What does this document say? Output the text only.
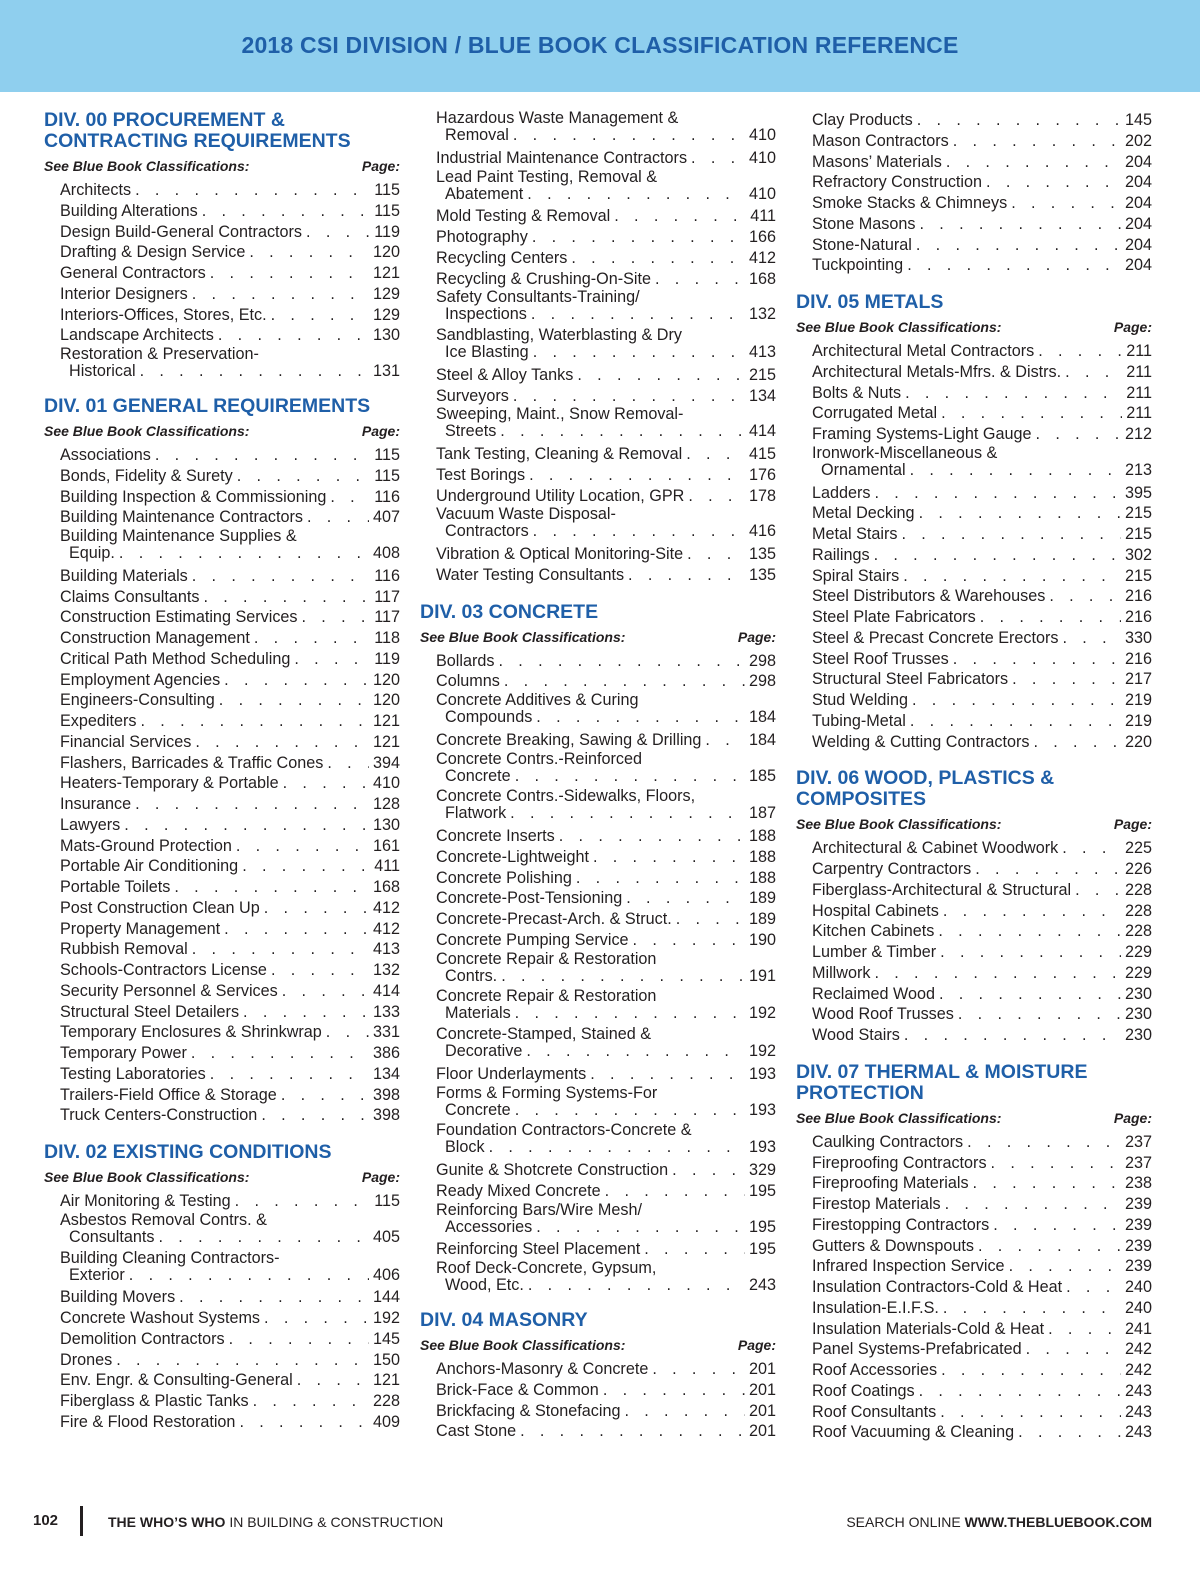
2018 CSI DIVISION / BLUE BOOK CLASSIFICATION REFERENCE
DIV. 00 PROCUREMENT & CONTRACTING REQUIREMENTS
See Blue Book Classifications:	Page:
Architects . . .	115
Building Alterations . . .	115
Design Build-General Contractors . . .	119
Drafting & Design Service . . .	120
General Contractors . . .	121
Interior Designers . . .	129
Interiors-Offices, Stores, Etc. . . .	129
Landscape Architects . . .	130
Restoration & Preservation-
Historical . . .	131
DIV. 01 GENERAL REQUIREMENTS
See Blue Book Classifications:	Page:
Associations . . .	115
Bonds, Fidelity & Surety . . .	115
Building Inspection & Commissioning . . .	116
Building Maintenance Contractors . . .	407
Building Maintenance Supplies &
Equip. . . .	408
Building Materials . . .	116
Claims Consultants . . .	117
Construction Estimating Services . . .	117
Construction Management . . .	118
Critical Path Method Scheduling . . .	119
Employment Agencies . . .	120
Engineers-Consulting . . .	120
Expediters . . .	121
Financial Services . . .	121
Flashers, Barricades & Traffic Cones . . .	394
Heaters-Temporary & Portable . . .	410
Insurance . . .	128
Lawyers . . .	130
Mats-Ground Protection . . .	161
Portable Air Conditioning . . .	411
Portable Toilets . . .	168
Post Construction Clean Up . . .	412
Property Management . . .	412
Rubbish Removal . . .	413
Schools-Contractors License . . .	132
Security Personnel & Services . . .	414
Structural Steel Detailers . . .	133
Temporary Enclosures & Shrinkwrap . . .	331
Temporary Power . . .	386
Testing Laboratories . . .	134
Trailers-Field Office & Storage . . .	398
Truck Centers-Construction . . .	398
DIV. 02 EXISTING CONDITIONS
See Blue Book Classifications:	Page:
Air Monitoring & Testing . . .	115
Asbestos Removal Contrs. &
Consultants . . .	405
Building Cleaning Contractors-
Exterior . . .	406
Building Movers . . .	144
Concrete Washout Systems . . .	192
Demolition Contractors . . .	145
Drones . . .	150
Env. Engr. & Consulting-General . . .	121
Fiberglass & Plastic Tanks . . .	228
Fire & Flood Restoration . . .	409
Hazardous Waste Management &
Removal . . .	410
Industrial Maintenance Contractors . . .	410
Lead Paint Testing, Removal &
Abatement . . .	410
Mold Testing & Removal . . .	411
Photography . . .	166
Recycling Centers . . .	412
Recycling & Crushing-On-Site . . .	168
Safety Consultants-Training/
Inspections . . .	132
Sandblasting, Waterblasting & Dry
Ice Blasting . . .	413
Steel & Alloy Tanks . . .	215
Surveyors . . .	134
Sweeping, Maint., Snow Removal-
Streets . . .	414
Tank Testing, Cleaning & Removal . . .	415
Test Borings . . .	176
Underground Utility Location, GPR . . .	178
Vacuum Waste Disposal-
Contractors . . .	416
Vibration & Optical Monitoring-Site . . .	135
Water Testing Consultants . . .	135
DIV. 03 CONCRETE
See Blue Book Classifications:	Page:
Bollards . . .	298
Columns . . .	298
Concrete Additives & Curing
Compounds . . .	184
Concrete Breaking, Sawing & Drilling . . .	184
Concrete Contrs.-Reinforced
Concrete . . .	185
Concrete Contrs.-Sidewalks, Floors,
Flatwork . . .	187
Concrete Inserts . . .	188
Concrete-Lightweight . . .	188
Concrete Polishing . . .	188
Concrete-Post-Tensioning . . .	189
Concrete-Precast-Arch. & Struct. . . .	189
Concrete Pumping Service . . .	190
Concrete Repair & Restoration
Contrs. . . .	191
Concrete Repair & Restoration
Materials . . .	192
Concrete-Stamped, Stained &
Decorative . . .	192
Floor Underlayments . . .	193
Forms & Forming Systems-For
Concrete . . .	193
Foundation Contractors-Concrete &
Block . . .	193
Gunite & Shotcrete Construction . . .	329
Ready Mixed Concrete . . .	195
Reinforcing Bars/Wire Mesh/
Accessories . . .	195
Reinforcing Steel Placement . . .	195
Roof Deck-Concrete, Gypsum,
Wood, Etc. . . .	243
DIV. 04 MASONRY
See Blue Book Classifications:	Page:
Anchors-Masonry & Concrete . . .	201
Brick-Face & Common . . .	201
Brickfacing & Stonefacing . . .	201
Cast Stone . . .	201
Clay Products . . .	145
Mason Contractors . . .	202
Masons’ Materials . . .	204
Refractory Construction . . .	204
Smoke Stacks & Chimneys . . .	204
Stone Masons . . .	204
Stone-Natural . . .	204
Tuckpointing . . .	204
DIV. 05 METALS
See Blue Book Classifications:	Page:
Architectural Metal Contractors . . .	211
Architectural Metals-Mfrs. & Distrs. . . .	211
Bolts & Nuts . . .	211
Corrugated Metal . . .	211
Framing Systems-Light Gauge . . .	212
Ironwork-Miscellaneous &
Ornamental . . .	213
Ladders . . .	395
Metal Decking . . .	215
Metal Stairs . . .	215
Railings . . .	302
Spiral Stairs . . .	215
Steel Distributors & Warehouses . . .	216
Steel Plate Fabricators . . .	216
Steel & Precast Concrete Erectors . . .	330
Steel Roof Trusses . . .	216
Structural Steel Fabricators . . .	217
Stud Welding . . .	219
Tubing-Metal . . .	219
Welding & Cutting Contractors . . .	220
DIV. 06 WOOD, PLASTICS & COMPOSITES
See Blue Book Classifications:	Page:
Architectural & Cabinet Woodwork . . .	225
Carpentry Contractors . . .	226
Fiberglass-Architectural & Structural . . .	228
Hospital Cabinets . . .	228
Kitchen Cabinets . . .	228
Lumber & Timber . . .	229
Millwork . . .	229
Reclaimed Wood . . .	230
Wood Roof Trusses . . .	230
Wood Stairs . . .	230
DIV. 07 THERMAL & MOISTURE PROTECTION
See Blue Book Classifications:	Page:
Caulking Contractors . . .	237
Fireproofing Contractors . . .	237
Fireproofing Materials . . .	238
Firestop Materials . . .	239
Firestopping Contractors . . .	239
Gutters & Downspouts . . .	239
Infrared Inspection Service . . .	239
Insulation Contractors-Cold & Heat . . .	240
Insulation-E.I.F.S. . . .	240
Insulation Materials-Cold & Heat . . .	241
Panel Systems-Prefabricated . . .	242
Roof Accessories . . .	242
Roof Coatings . . .	243
Roof Consultants . . .	243
Roof Vacuuming & Cleaning . . .	243
102	THE WHO’S WHO IN BUILDING & CONSTRUCTION	SEARCH ONLINE WWW.THEBLUEBOOK.COM
